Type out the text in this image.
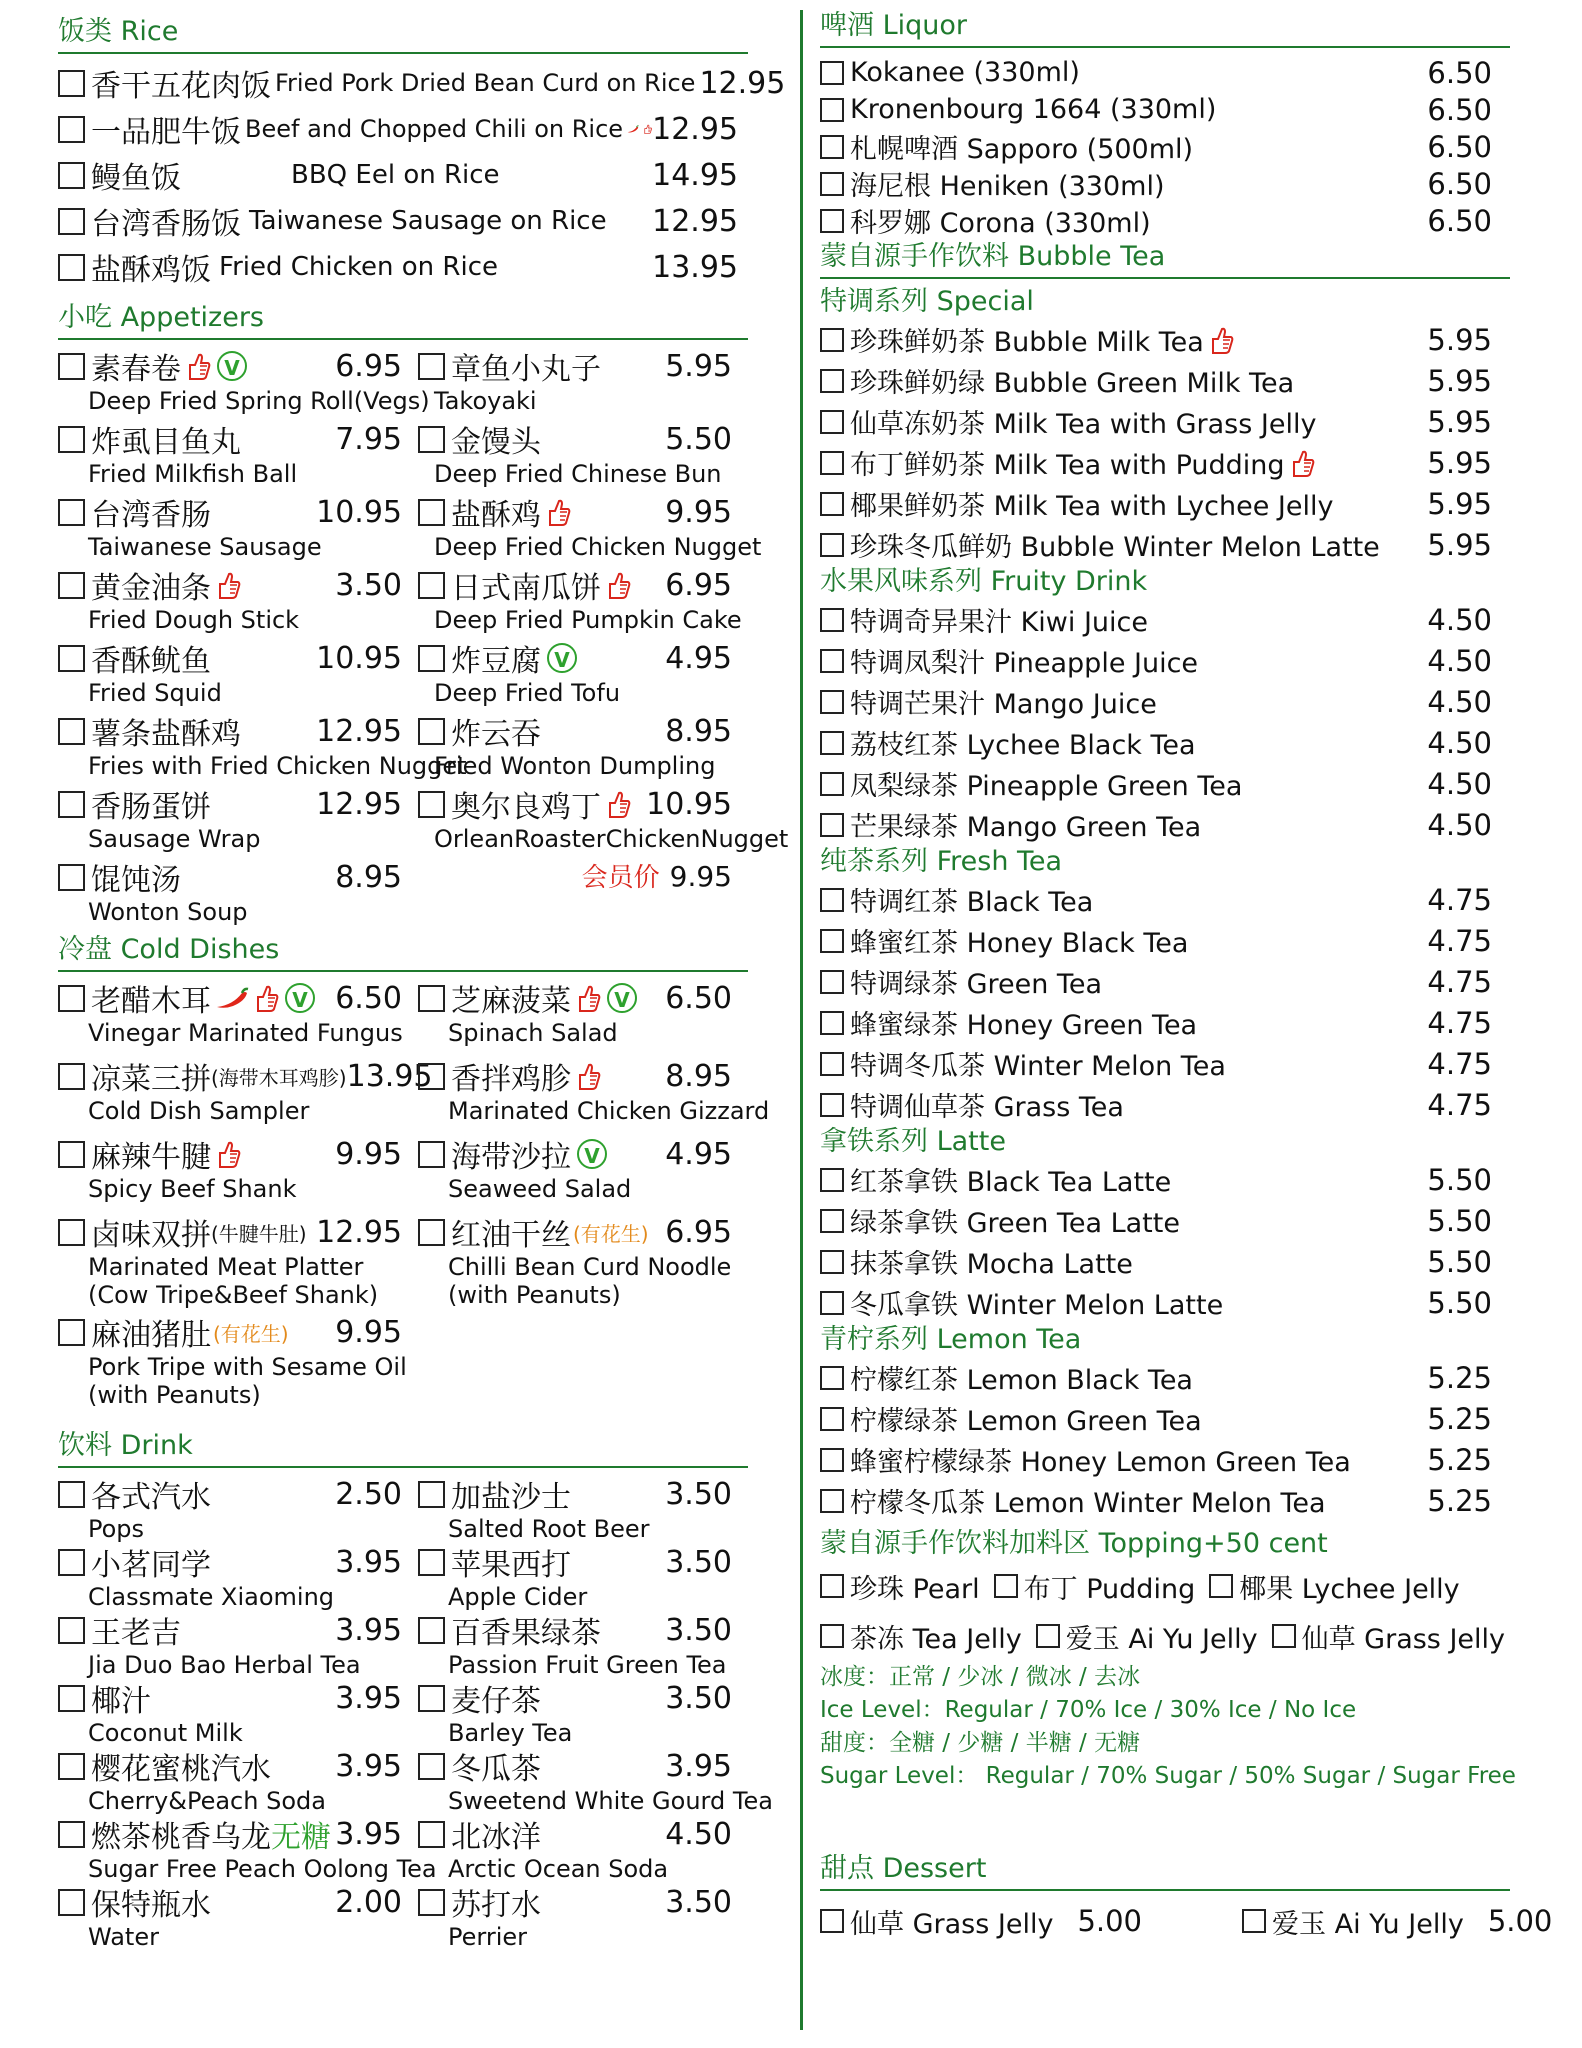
饭类 Rice
香干五花肉饭 Fried Pork Dried Bean Curd on Rice 12.95
一品肥牛饭 Beef and Chopped Chili on Rice 12.95
鳗鱼饭	BBQ Eel on Rice	14.95
台湾香肠饭 Taiwanese Sausage on Rice 12.95
盐酥鸡饭 Fried Chicken on Rice	13.95
小吃 Appetizers
素春卷	V	6.95
Deep Fried Spring Roll(Vegs)
炸虱目鱼丸	7.95
Fried Milkfish Ball
台湾香肠	10.95
Taiwanese Sausage
黄金油条	3.50
Fried Dough Stick
香酥鱿鱼	10.95
Fried Squid
薯条盐酥鸡	12.95
Fries with Fried Chicken Nugget
香肠蛋饼	12.95
Sausage Wrap
馄饨汤	8.95
Wonton Soup
章鱼小丸子 5.95
Takoyaki
金馒头	5.50
Deep Fried Chinese Bun
盐酥鸡	9.95
Deep Fried Chicken Nugget
日式南瓜饼 6.95
Deep Fried Pumpkin Cake
炸豆腐 V	4.95
Deep Fried Tofu
炸云吞	8.95
Fried Wonton Dumpling
奥尔良鸡丁 10.95
OrleanRoasterChickenNugget
会员价 9.95
冷盘 Cold Dishes
老醋木耳	V 6.50
Vinegar Marinated Fungus
芝麻菠菜	V 6.50
Spinach Salad
凉菜三拼 (海带木耳鸡胗) 13.95
Cold Dish Sampler
香拌鸡胗	8.95
Marinated Chicken Gizzard
麻辣牛腱	9.95
Spicy Beef Shank
海带沙拉 V 4.95
Seaweed Salad
卤味双拼 (牛腱牛肚) 12.95
Marinated Meat Platter
(Cow Tripe&Beef Shank)
红油干丝 (有花生) 6.95
Chilli Bean Curd Noodle
(with Peanuts)
麻油猪肚 (有花生) 9.95
Pork Tripe with Sesame Oil
(with Peanuts)
饮料 Drink
各式汽水	2.50
Pops
小茗同学	3.95
Classmate Xiaoming
王老吉	3.95
Jia Duo Bao Herbal Tea
椰汁	3.95
Coconut Milk
樱花蜜桃汽水 3.95
Cherry&Peach Soda
燃茶桃香乌龙 无糖 3.95
Sugar Free Peach Oolong Tea
保特瓶水	2.00
Water
加盐沙士	3.50
Salted Root Beer
苹果西打	3.50
Apple Cider
百香果绿茶 3.50
Passion Fruit Green Tea
麦仔茶	3.50
Barley Tea
冬瓜茶	3.95
Sweetend White Gourd Tea
北冰洋	4.50
Arctic Ocean Soda
苏打水	3.50
Perrier
啤酒 Liquor
Kokanee (330ml)	6.50
Kronenbourg 1664 (330ml)	6.50
札幌啤酒 Sapporo (500ml)	6.50
海尼根 Heniken (330ml)	6.50
科罗娜 Corona (330ml)	6.50
蒙自源手作饮料 Bubble Tea
特调系列 Special
珍珠鲜奶茶 Bubble Milk Tea	5.95
珍珠鲜奶绿 Bubble Green Milk Tea	5.95
仙草冻奶茶 Milk Tea with Grass Jelly	5.95
布丁鲜奶茶 Milk Tea with Pudding	5.95
椰果鲜奶茶 Milk Tea with Lychee Jelly	5.95
珍珠冬瓜鲜奶 Bubble Winter Melon Latte 5.95
水果风味系列 Fruity Drink
特调奇异果汁 Kiwi Juice	4.50
特调凤梨汁 Pineapple Juice	4.50
特调芒果汁 Mango Juice	4.50
荔枝红茶 Lychee Black Tea	4.50
凤梨绿茶 Pineapple Green Tea	4.50
芒果绿茶 Mango Green Tea	4.50
纯茶系列 Fresh Tea
特调红茶 Black Tea	4.75
蜂蜜红茶 Honey Black Tea	4.75
特调绿茶 Green Tea	4.75
蜂蜜绿茶 Honey Green Tea	4.75
特调冬瓜茶 Winter Melon Tea	4.75
特调仙草茶 Grass Tea	4.75
拿铁系列 Latte
红茶拿铁 Black Tea Latte	5.50
绿茶拿铁 Green Tea Latte	5.50
抹茶拿铁 Mocha Latte	5.50
冬瓜拿铁 Winter Melon Latte	5.50
青柠系列 Lemon Tea
柠檬红茶 Lemon Black Tea	5.25
柠檬绿茶 Lemon Green Tea	5.25
蜂蜜柠檬绿茶 Honey Lemon Green Tea	5.25
柠檬冬瓜茶 Lemon Winter Melon Tea	5.25
蒙自源手作饮料加料区 Topping+50 cent
珍珠 Pearl 布丁 Pudding 椰果 Lychee Jelly
茶冻 Tea Jelly 爱玉 Ai Yu Jelly 仙草 Grass Jelly
冰度：正常 / 少冰 / 微冰 / 去冰
Ice Level：Regular / 70% Ice / 30% Ice / No Ice
甜度：全糖 / 少糖 / 半糖 / 无糖
Sugar Level： Regular / 70% Sugar / 50% Sugar / Sugar Free
甜点 Dessert
仙草 Grass Jelly 5.00	爱玉 Ai Yu Jelly 5.00
